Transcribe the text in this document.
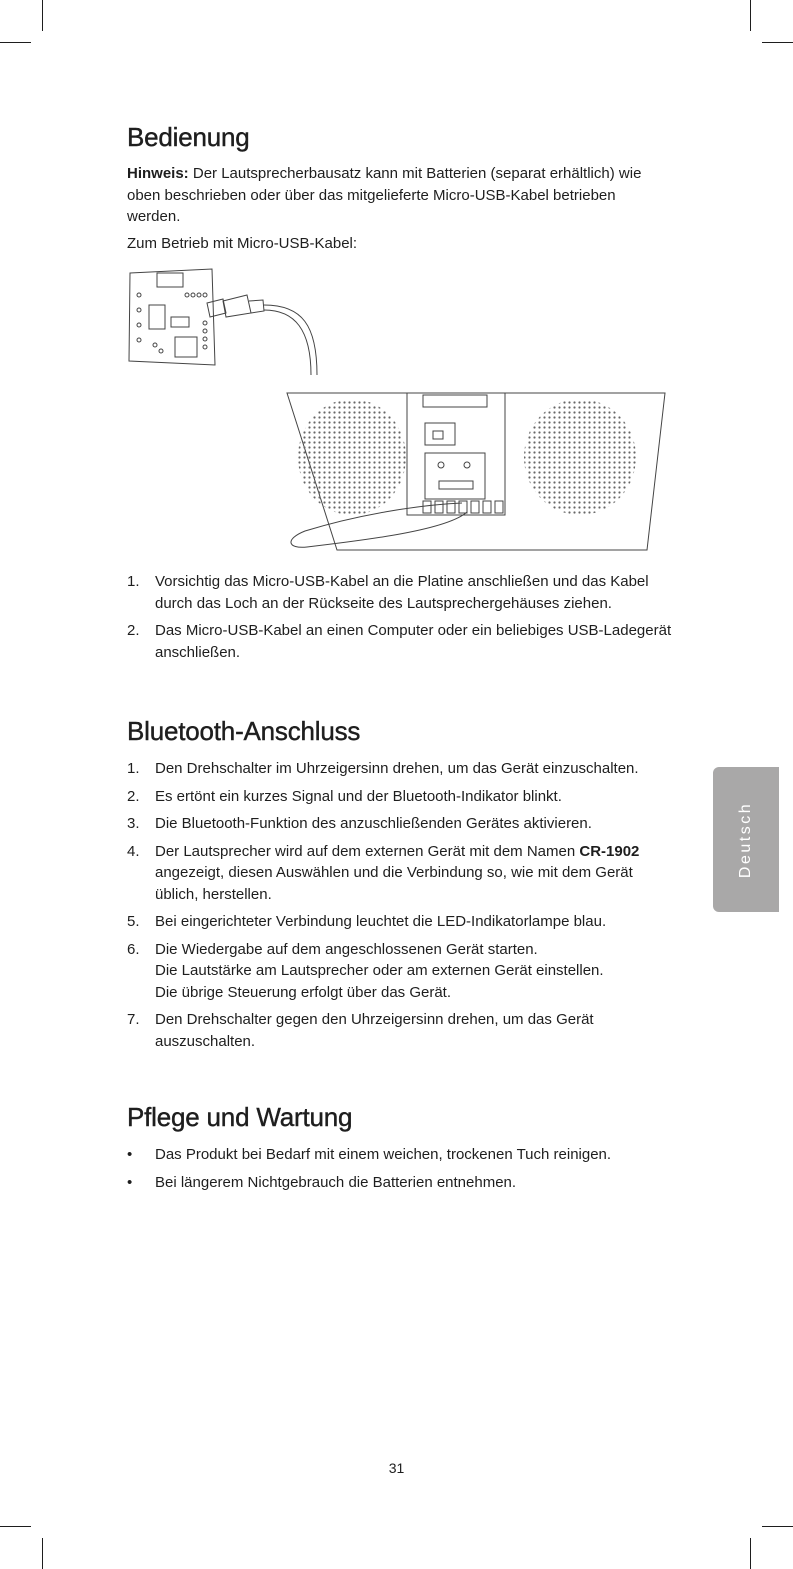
Bedienung

Hinweis: Der Lautsprecherbausatz kann mit Batterien (separat erhältlich) wie oben beschrieben oder über das mitgelieferte Micro-USB-Kabel betrieben werden.

Zum Betrieb mit Micro-USB-Kabel:

1. Vorsichtig das Micro-USB-Kabel an die Platine anschließen und das Kabel durch das Loch an der Rückseite des Lautsprechergehäuses ziehen.
2. Das Micro-USB-Kabel an einen Computer oder ein beliebiges USB-Ladegerät anschließen.
Bluetooth-Anschluss
1. Den Drehschalter im Uhrzeigersinn drehen, um das Gerät einzuschalten.
2. Es ertönt ein kurzes Signal und der Bluetooth-Indikator blinkt.
3. Die Bluetooth-Funktion des anzuschließenden Gerätes aktivieren.
4. Der Lautsprecher wird auf dem externen Gerät mit dem Namen CR-1902 angezeigt, diesen Auswählen und die Verbindung so, wie mit dem Gerät üblich, herstellen.
5. Bei eingerichteter Verbindung leuchtet die LED-Indikatorlampe blau.
6. Die Wiedergabe auf dem angeschlossenen Gerät starten.
Die Lautstärke am Lautsprecher oder am externen Gerät einstellen.
Die übrige Steuerung erfolgt über das Gerät.
7. Den Drehschalter gegen den Uhrzeigersinn drehen, um das Gerät auszuschalten.
Pflege und Wartung
• Das Produkt bei Bedarf mit einem weichen, trockenen Tuch reinigen.
• Bei längerem Nichtgebrauch die Batterien entnehmen.
Deutsch
31
